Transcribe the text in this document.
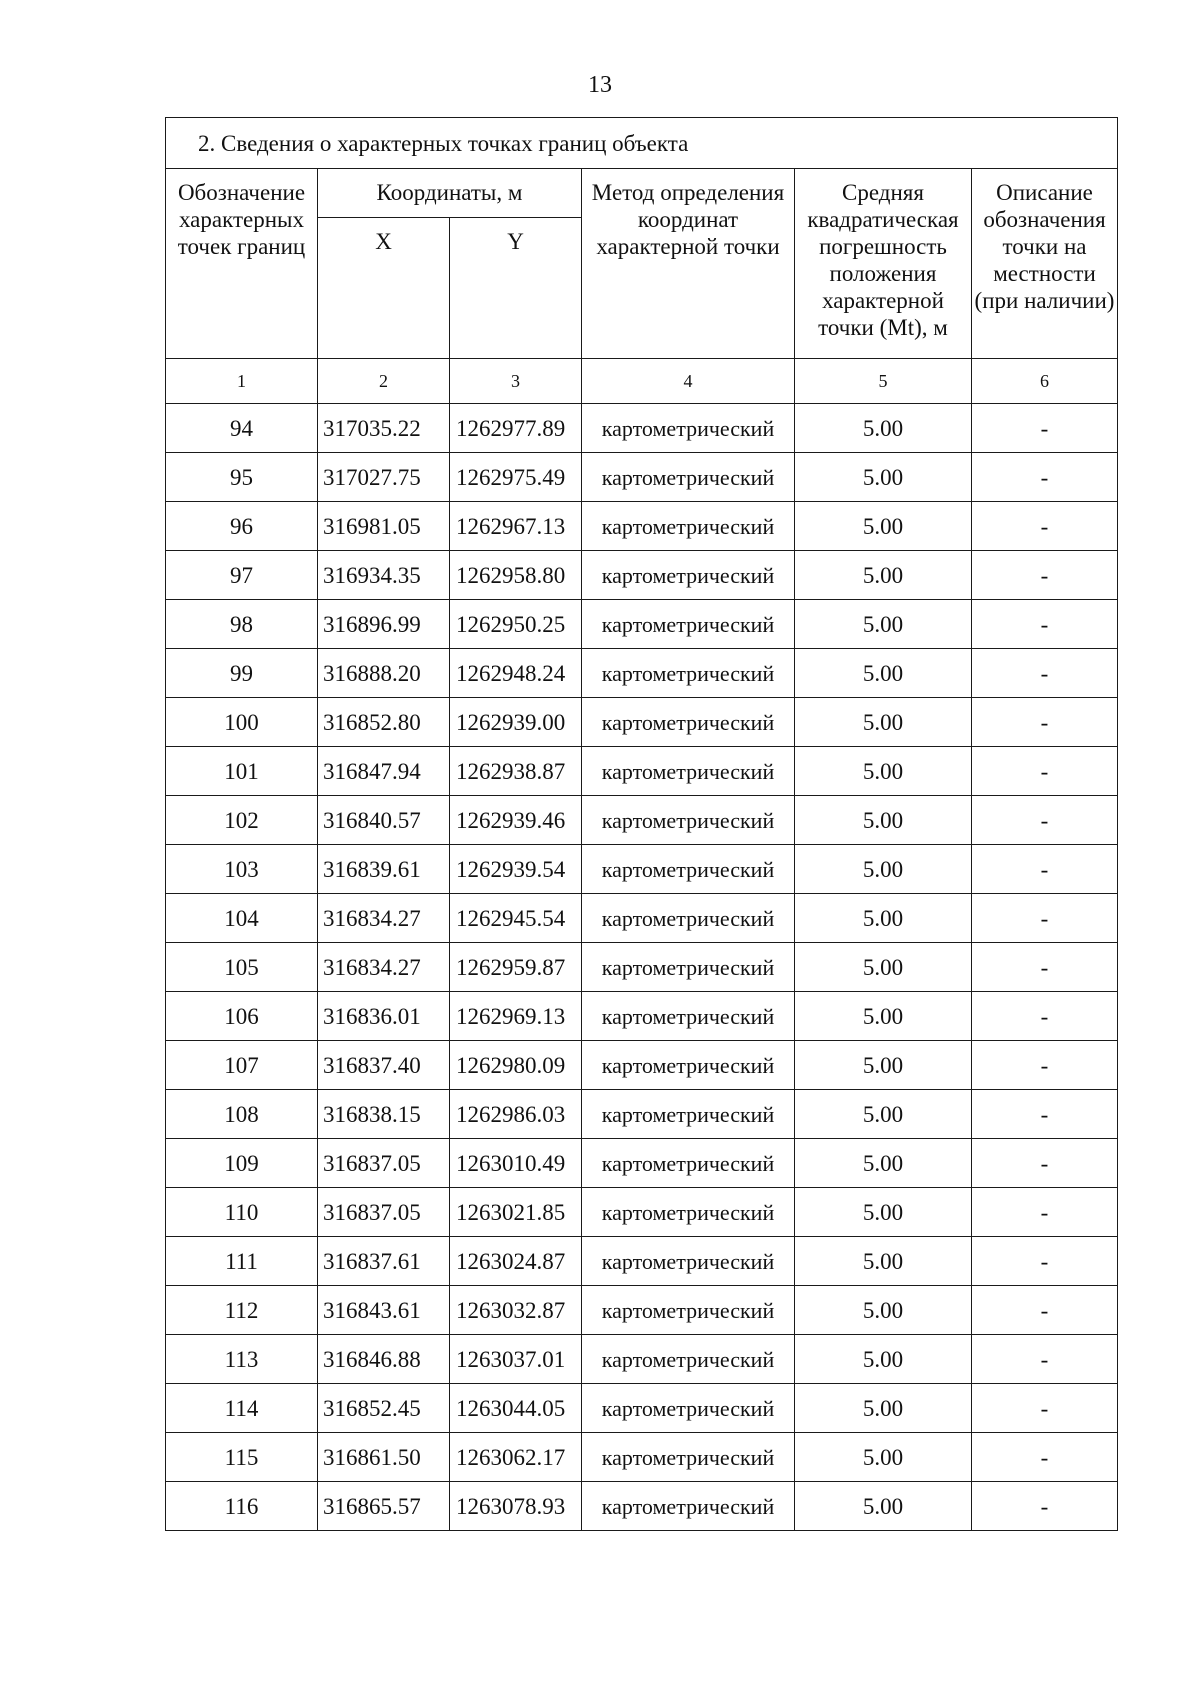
13
2. Сведения о характерных точках границ объекта					
Обозначение характерных точек границ	Координаты, м		Метод определения координат характерной точки	Средняя квадратическая погрешность положения характерной точки (Mt), м	Описание обозначения точки на местности (при наличии)
	X	Y			
1	2	3	4	5	6
94	317035.22	1262977.89	картометрический	5.00	-
95	317027.75	1262975.49	картометрический	5.00	-
96	316981.05	1262967.13	картометрический	5.00	-
97	316934.35	1262958.80	картометрический	5.00	-
98	316896.99	1262950.25	картометрический	5.00	-
99	316888.20	1262948.24	картометрический	5.00	-
100	316852.80	1262939.00	картометрический	5.00	-
101	316847.94	1262938.87	картометрический	5.00	-
102	316840.57	1262939.46	картометрический	5.00	-
103	316839.61	1262939.54	картометрический	5.00	-
104	316834.27	1262945.54	картометрический	5.00	-
105	316834.27	1262959.87	картометрический	5.00	-
106	316836.01	1262969.13	картометрический	5.00	-
107	316837.40	1262980.09	картометрический	5.00	-
108	316838.15	1262986.03	картометрический	5.00	-
109	316837.05	1263010.49	картометрический	5.00	-
110	316837.05	1263021.85	картометрический	5.00	-
111	316837.61	1263024.87	картометрический	5.00	-
112	316843.61	1263032.87	картометрический	5.00	-
113	316846.88	1263037.01	картометрический	5.00	-
114	316852.45	1263044.05	картометрический	5.00	-
115	316861.50	1263062.17	картометрический	5.00	-
116	316865.57	1263078.93	картометрический	5.00	-
